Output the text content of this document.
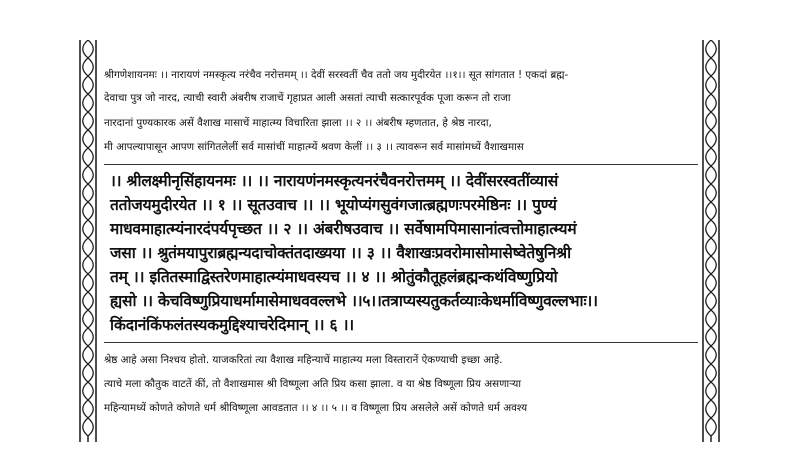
श्रीगणेशायनमः ।। नारायणं नमस्कृत्य नरंचैव नरोत्तमम् ।। देवीं सरस्वतीं चैव ततो जय मुदीरयेत ।।१।। सूत सांगतात ! एकदां ब्रह्म-
देवाचा पुत्र जो नारद, त्याची स्वारी अंबरीष राजाचें गृहाप्रत आली असतां त्याची सत्कारपूर्वक पूजा करून तो राजा
नारदानां पुण्यकारक असें वैशाख मासाचें माहात्म्य विचारिता झाला ।। २ ।। अंबरीष म्हणतात, हे श्रेष्ठ नारदा,
मी आपल्यापासून आपण सांगितलेलीं सर्व मासांचीं माहात्म्यें श्रवण केलीं ।। ३ ।। त्यावरून सर्व मासांमध्यें वैशाखमास
।। श्रीलक्ष्मीनृसिंहायनमः ।। ।। नारायणंनमस्कृत्यनरंचैवनरोत्तमम् ।। देवींसरस्वतींव्यासं
ततोजयमुदीरयेत ।। १ ।। सूतउवाच ।। ।। भूयोप्यंगसुवंगजात्ब्रह्मणःपरमेष्ठिनः ।। पुण्यं
माधवमाहात्म्यंनारदंपर्यपृच्छत ।। २ ।। अंबरीषउवाच ।। सर्वेषामपिमासानांत्वत्तोमाहात्म्यमं
जसा ।। श्रुतंमयापुराब्रह्मन्यदाचोक्तंतदाख्यया ।। ३ ।। वैशाखःप्रवरोमासोमासेष्वेतेषुनिश्री
तम् ।। इतितस्माद्विस्तरेणमाहात्म्यंमाधवस्यच ।। ४ ।। श्रोतुंकौतूहलंब्रह्मन्कथंविष्णुप्रियो
ह्यसो ।। केचविष्णुप्रियाधर्मामासेमाधववल्लभे ।।५।।तत्राप्यस्यतुकर्तव्याःकेधर्माविष्णुवल्लभाः।।
किंदानंकिंफलंतस्यकमुद्दिश्याचरेदिमान् ।। ६ ।।
श्रेष्ठ आहे असा निश्चय होतो. याजकरितां त्या वैशाख महिन्याचें माहात्म्य मला विस्तारानें ऐकण्याची इच्छा आहे.
त्याचे मला कौतुक वाटतें कीं, तो वैशाखमास श्री विष्णूला अति प्रिय कसा झाला. व या श्रेष्ठ विष्णूला प्रिय असणाऱ्या
महिन्यामध्यें कोणते कोणते धर्म श्रीविष्णूला आवडतात ।। ४ ।। ५ ।। व विष्णूला प्रिय असलेले असें कोणते धर्म अवश्य
